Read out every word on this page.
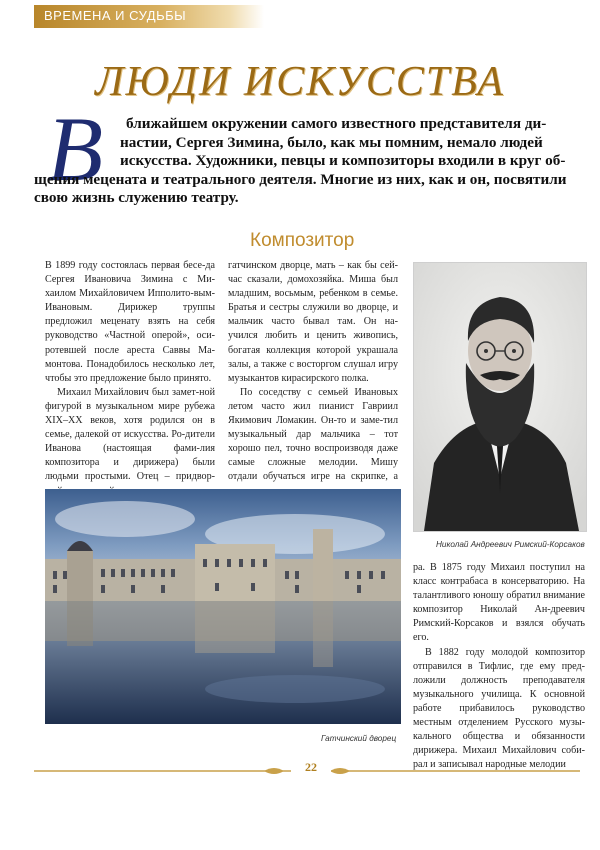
ВРЕМЕНА И СУДЬБЫ
ЛЮДИ ИСКУССТВА
В	ближайшем окружении самого известного представителя ди-
настии, Сергея Зимина, было, как мы помним, немало людей
искусства. Художники, певцы и композиторы входили в круг об-
щения мецената и театрального деятеля. Многие из них, как и он, посвятили
свою жизнь служению театру.

Композитор

В 1899 году состоялась первая бесе-да Сергея Ивановича Зимина с Ми-хаилом Михайловичем Ипполито-вым-Ивановым. Дирижер труппы предложил меценату взять на себя руководство «Частной оперой», оси-ротевшей после ареста Саввы Ма-монтова. Понадобилось несколько лет, чтобы это предложение было принято.

Михаил Михайлович был замет-ной фигурой в музыкальном мире рубежа XIX–XX веков, хотя родился он в семье, далекой от искусства. Ро-дители Иванова (настоящая фами-лия композитора и дирижера) были людьми простыми. Отец – придвор-

гатчинском дворце, мать – как бы сей-час сказали, домохозяйка. Миша был младшим, восьмым, ребенком в семье. Братья и сестры служили во дворце, и мальчик часто бывал там. Он на-учился любить и ценить живопись, богатая коллекция которой украшала залы, а также с восторгом слушал игру музыкантов кирасирского полка.

По соседству с семьей Ивановых летом часто жил пианист Гавриил Якимович Ломакин. Он-то и заме-тил музыкальный дар мальчика – тот хорошо пел, точно воспроизводя даже самые сложные мелодии. Мишу отдали обучаться игре на скрипке, а

Николай Андреевич Римский-Корсаков
Гатчинский дворец

ра. В 1875 году Михаил поступил на класс контрабаса в консерваторию. На талантливого юношу обратил внимание композитор Николай Ан-дреевич Римский-Корсаков и взялся обучать его.

В 1882 году молодой композитор отправился в Тифлис, где ему пред-ложили должность преподавателя музыкального училища. К основной работе прибавилось руководство местным отделением Русского музы-кального общества и обязанности дирижера. Михаил Михайлович соби-рал и записывал народные мелодии

22
